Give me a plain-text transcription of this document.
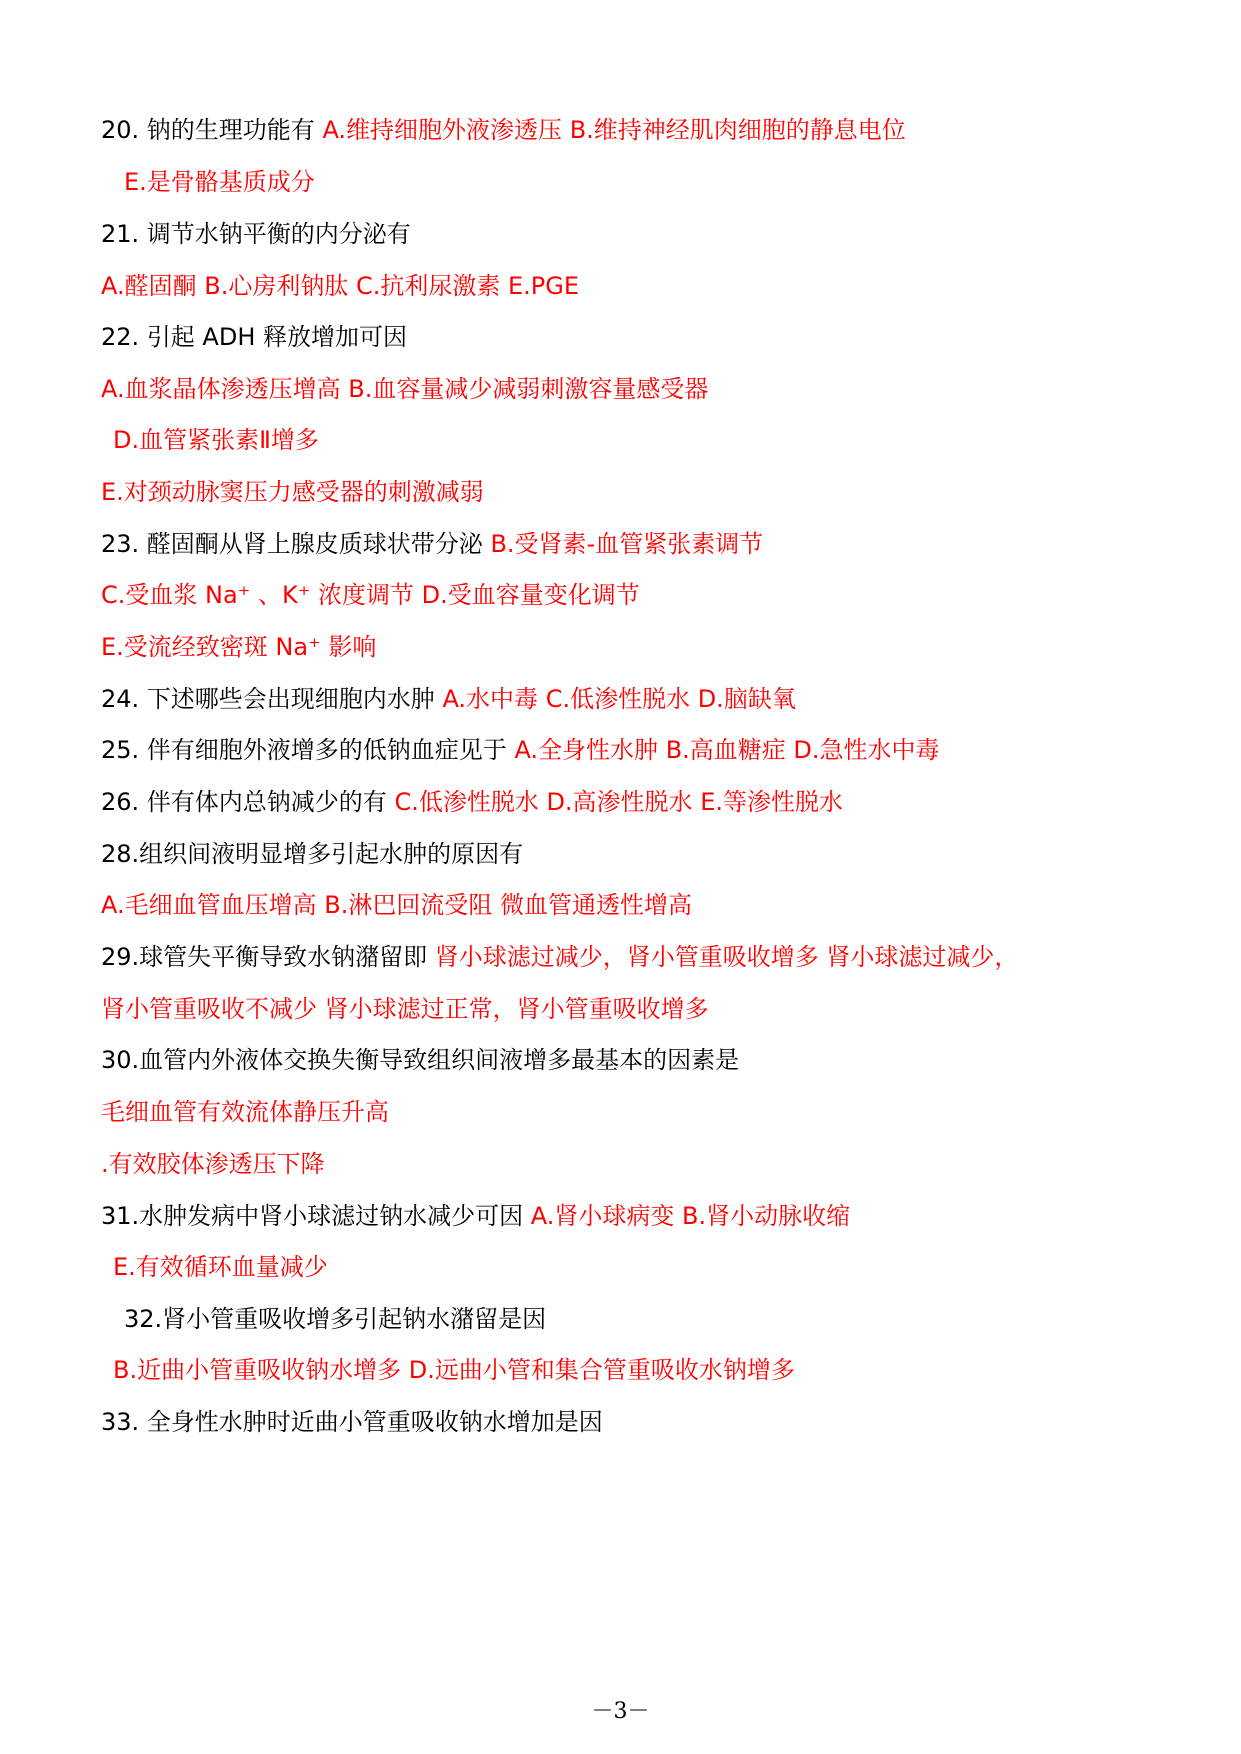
20. 钠的生理功能有 A.维持细胞外液渗透压 B.维持神经肌肉细胞的静息电位
E.是骨骼基质成分
21. 调节水钠平衡的内分泌有
A.醛固酮 B.心房利钠肽 C.抗利尿激素 E.PGE
22. 引起 ADH 释放增加可因
A.血浆晶体渗透压增高 B.血容量减少减弱刺激容量感受器
D.血管紧张素Ⅱ增多
E.对颈动脉窦压力感受器的刺激减弱
23. 醛固酮从肾上腺皮质球状带分泌 B.受肾素-血管紧张素调节
C.受血浆 Na⁺ 、K⁺ 浓度调节 D.受血容量变化调节
E.受流经致密斑 Na⁺ 影响
24. 下述哪些会出现细胞内水肿 A.水中毒 C.低渗性脱水 D.脑缺氧
25. 伴有细胞外液增多的低钠血症见于 A.全身性水肿 B.高血糖症 D.急性水中毒
26. 伴有体内总钠减少的有 C.低渗性脱水 D.高渗性脱水 E.等渗性脱水
28.组织间液明显增多引起水肿的原因有
A.毛细血管血压增高 B.淋巴回流受阻 微血管通透性增高
29.球管失平衡导致水钠潴留即 肾小球滤过减少，肾小管重吸收增多 肾小球滤过减少，
肾小管重吸收不减少 肾小球滤过正常，肾小管重吸收增多
30.血管内外液体交换失衡导致组织间液增多最基本的因素是
毛细血管有效流体静压升高
.有效胶体渗透压下降
31.水肿发病中肾小球滤过钠水减少可因 A.肾小球病变 B.肾小动脉收缩
E.有效循环血量减少
32.肾小管重吸收增多引起钠水潴留是因
B.近曲小管重吸收钠水增多 D.远曲小管和集合管重吸收水钠增多
33. 全身性水肿时近曲小管重吸收钠水增加是因
－3－
